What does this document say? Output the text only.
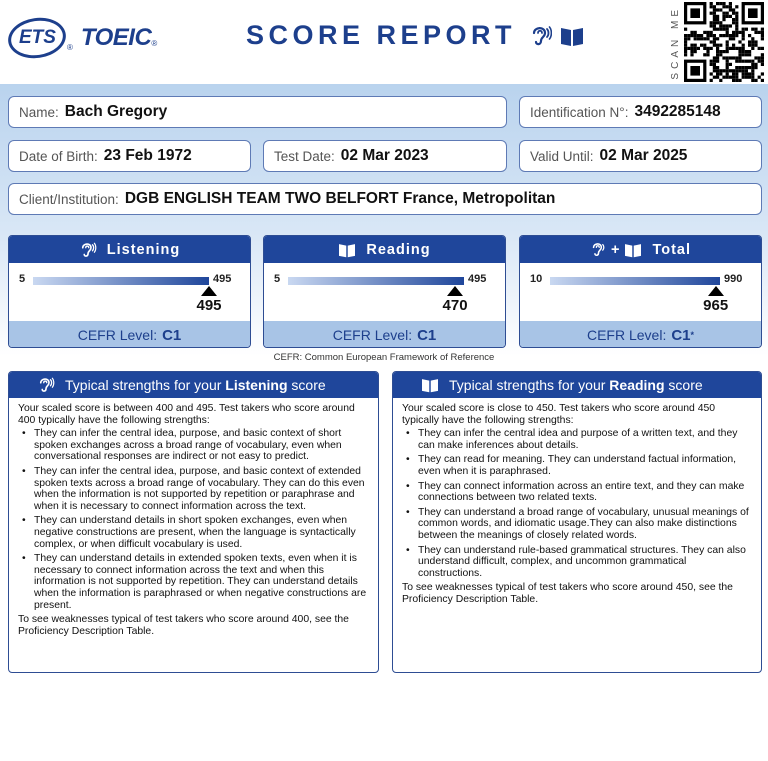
ETS ® TOEIC ®	SCORE REPORT	SCAN ME
Name: Bach Gregory	Identification N°: 3492285148
Date of Birth: 23 Feb 1972	Test Date: 02 Mar 2023	Valid Until: 02 Mar 2025
Client/Institution: DGB ENGLISH TEAM TWO BELFORT France, Metropolitan
Listening
5	495
495
CEFR Level: C1
Reading
5	495
470
CEFR Level: C1
+ Total
10	990
965
CEFR Level: C1 *
CEFR: Common European Framework of Reference
Typical strengths for your Listening score

Your scaled score is between 400 and 495. Test takers who score around 400 typically have the following strengths:

• They can infer the central idea, purpose, and basic context of short spoken exchanges across a broad range of vocabulary, even when conversational responses are indirect or not easy to predict.
• They can infer the central idea, purpose, and basic context of extended spoken texts across a broad range of vocabulary. They can do this even when the information is not supported by repetition or paraphrase and when it is necessary to connect information across the text.
• They can understand details in short spoken exchanges, even when negative constructions are present, when the language is syntactically complex, or when difficult vocabulary is used.
• They can understand details in extended spoken texts, even when it is necessary to connect information across the text and when this information is not supported by repetition. They can understand details when the information is paraphrased or when negative constructions are present.

To see weaknesses typical of test takers who score around 400, see the Proficiency Description Table.

Typical strengths for your Reading score

Your scaled score is close to 450. Test takers who score around 450 typically have the following strengths:

• They can infer the central idea and purpose of a written text, and they can make inferences about details.
• They can read for meaning. They can understand factual information, even when it is paraphrased.
• They can connect information across an entire text, and they can make connections between two related texts.
• They can understand a broad range of vocabulary, unusual meanings of common words, and idiomatic usage.They can also make distinctions between the meanings of closely related words.
• They can understand rule-based grammatical structures. They can also understand difficult, complex, and uncommon grammatical constructions.

To see weaknesses typical of test takers who score around 450, see the Proficiency Description Table.
